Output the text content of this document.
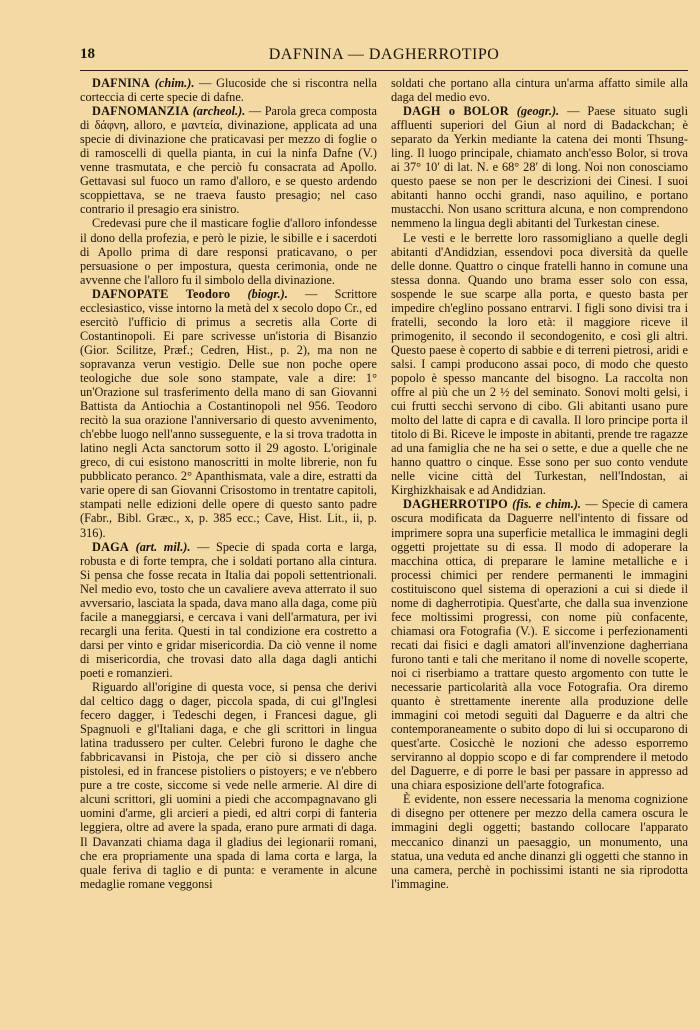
18	DAFNINA — DAGHERROTIPO

DAFNINA (chim.). — Glucoside che si riscontra nella corteccia di certe specie di dafne.

DAFNOMANZIA (archeol.). — Parola greca composta di δάφνη, alloro, e μαντεία, divinazione, applicata ad una specie di divinazione che praticavasi per mezzo di foglie o di ramoscelli di quella pianta, in cui la ninfa Dafne (V.) venne trasmutata, e che perciò fu consacrata ad Apollo. Gettavasi sul fuoco un ramo d'alloro, e se questo ardendo scoppiettava, se ne traeva fausto presagio; nel caso contrario il presagio era sinistro.

Credevasi pure che il masticare foglie d'alloro infondesse il dono della profezia, e però le pizie, le sibille e i sacerdoti di Apollo prima di dare responsi praticavano, o per persuasione o per impostura, questa cerimonia, onde ne avvenne che l'alloro fu il simbolo della divinazione.

DAFNOPATE Teodoro (biogr.). — Scrittore ecclesiastico, visse intorno la metà del x secolo dopo Cr., ed esercitò l'ufficio di primus a secretis alla Corte di Costantinopoli. Ei pare scrivesse un'istoria di Bisanzio (Gior. Scilitze, Præf.; Cedren, Hist., p. 2), ma non ne sopravanza verun vestigio. Delle sue non poche opere teologiche due sole sono stampate, vale a dire: 1° un'Orazione sul trasferimento della mano di san Giovanni Battista da Antiochia a Costantinopoli nel 956. Teodoro recitò la sua orazione l'anniversario di questo avvenimento, ch'ebbe luogo nell'anno susseguente, e la si trova tradotta in latino negli Acta sanctorum sotto il 29 agosto. L'originale greco, di cui esistono manoscritti in molte librerie, non fu pubblicato peranco. 2° Apanthismata, vale a dire, estratti da varie opere di san Giovanni Crisostomo in trentatre capitoli, stampati nelle edizioni delle opere di questo santo padre (Fabr., Bibl. Græc., x, p. 385 ecc.; Cave, Hist. Lit., ii, p. 316).

DAGA (art. mil.). — Specie di spada corta e larga, robusta e di forte tempra, che i soldati portano alla cintura. Si pensa che fosse recata in Italia dai popoli settentrionali. Nel medio evo, tosto che un cavaliere aveva atterrato il suo avversario, lasciata la spada, dava mano alla daga, come più facile a maneggiarsi, e cercava i vani dell'armatura, per ivi recargli una ferita. Questi in tal condizione era costretto a darsi per vinto e gridar misericordia. Da ciò venne il nome di misericordia, che trovasi dato alla daga dagli antichi poeti e romanzieri.

Riguardo all'origine di questa voce, si pensa che derivi dal celtico dagg o dager, piccola spada, di cui gl'Inglesi fecero dagger, i Tedeschi degen, i Francesi dague, gli Spagnuoli e gl'Italiani daga, e che gli scrittori in lingua latina tradussero per culter. Celebri furono le daghe che fabbricavansi in Pistoja, che per ciò si dissero anche pistolesi, ed in francese pistoliers o pistoyers; e ve n'ebbero pure a tre coste, siccome si vede nelle armerie. Al dire di alcuni scrittori, gli uomini a piedi che accompagnavano gli uomini d'arme, gli arcieri a piedi, ed altri corpi di fanteria leggiera, oltre ad avere la spada, erano pure armati di daga. Il Davanzati chiama daga il gladius dei legionarii romani, che era propriamente una spada di lama corta e larga, la quale feriva di taglio e di punta: e veramente in alcune medaglie romane veggonsi

soldati che portano alla cintura un'arma affatto simile alla daga del medio evo.

DAGH o BOLOR (geogr.). — Paese situato sugli affluenti superiori del Giun al nord di Badackchan; è separato da Yerkin mediante la catena dei monti Thsung-ling. Il luogo principale, chiamato anch'esso Bolor, si trova ai 37° 10′ di lat. N. e 68° 28′ di long. Noi non conosciamo questo paese se non per le descrizioni dei Cinesi. I suoi abitanti hanno occhi grandi, naso aquilino, e portano mustacchi. Non usano scrittura alcuna, e non comprendono nemmeno la lingua degli abitanti del Turkestan cinese.

Le vesti e le berrette loro rassomigliano a quelle degli abitanti d'Andidzian, essendovi poca diversità da quelle delle donne. Quattro o cinque fratelli hanno in comune una stessa donna. Quando uno brama esser solo con essa, sospende le sue scarpe alla porta, e questo basta per impedire ch'eglino possano entrarvi. I figli sono divisi tra i fratelli, secondo la loro età: il maggiore riceve il primogenito, il secondo il secondogenito, e così gli altri. Questo paese è coperto di sabbie e di terreni pietrosi, aridi e salsi. I campi producono assai poco, di modo che questo popolo è spesso mancante del bisogno. La raccolta non offre al più che un 2 ½ del seminato. Sonovi molti gelsi, i cui frutti secchi servono di cibo. Gli abitanti usano pure molto del latte di capra e di cavalla. Il loro principe porta il titolo di Bi. Riceve le imposte in abitanti, prende tre ragazze ad una famiglia che ne ha sei o sette, e due a quelle che ne hanno quattro o cinque. Esse sono per suo conto vendute nelle vicine città del Turkestan, nell'Indostan, ai Kirghizkhaisak e ad Andidzian.

DAGHERROTIPO (fis. e chim.). — Specie di camera oscura modificata da Daguerre nell'intento di fissare od imprimere sopra una superficie metallica le immagini degli oggetti projettate su di essa. Il modo di adoperare la macchina ottica, di preparare le lamine metalliche e i processi chimici per rendere permanenti le immagini costituiscono quel sistema di operazioni a cui si diede il nome di dagherrotipia. Quest'arte, che dalla sua invenzione fece moltissimi progressi, con nome più confacente, chiamasi ora Fotografia (V.). E siccome i perfezionamenti recati dai fisici e dagli amatori all'invenzione dagherriana furono tanti e tali che meritano il nome di novelle scoperte, noi ci riserbiamo a trattare questo argomento con tutte le necessarie particolarità alla voce Fotografia. Ora diremo quanto è strettamente inerente alla produzione delle immagini coi metodi seguìti dal Daguerre e da altri che contemporaneamente o subito dopo di lui si occuparono di quest'arte. Cosicchè le nozioni che adesso esporremo serviranno al doppio scopo e di far comprendere il metodo del Daguerre, e di porre le basi per passare in appresso ad una chiara esposizione dell'arte fotografica.

È evidente, non essere necessaria la menoma cognizione di disegno per ottenere per mezzo della camera oscura le immagini degli oggetti; bastando collocare l'apparato meccanico dinanzi un paesaggio, un monumento, una statua, una veduta ed anche dinanzi gli oggetti che stanno in una camera, perchè in pochissimi istanti ne sia riprodotta l'immagine.
